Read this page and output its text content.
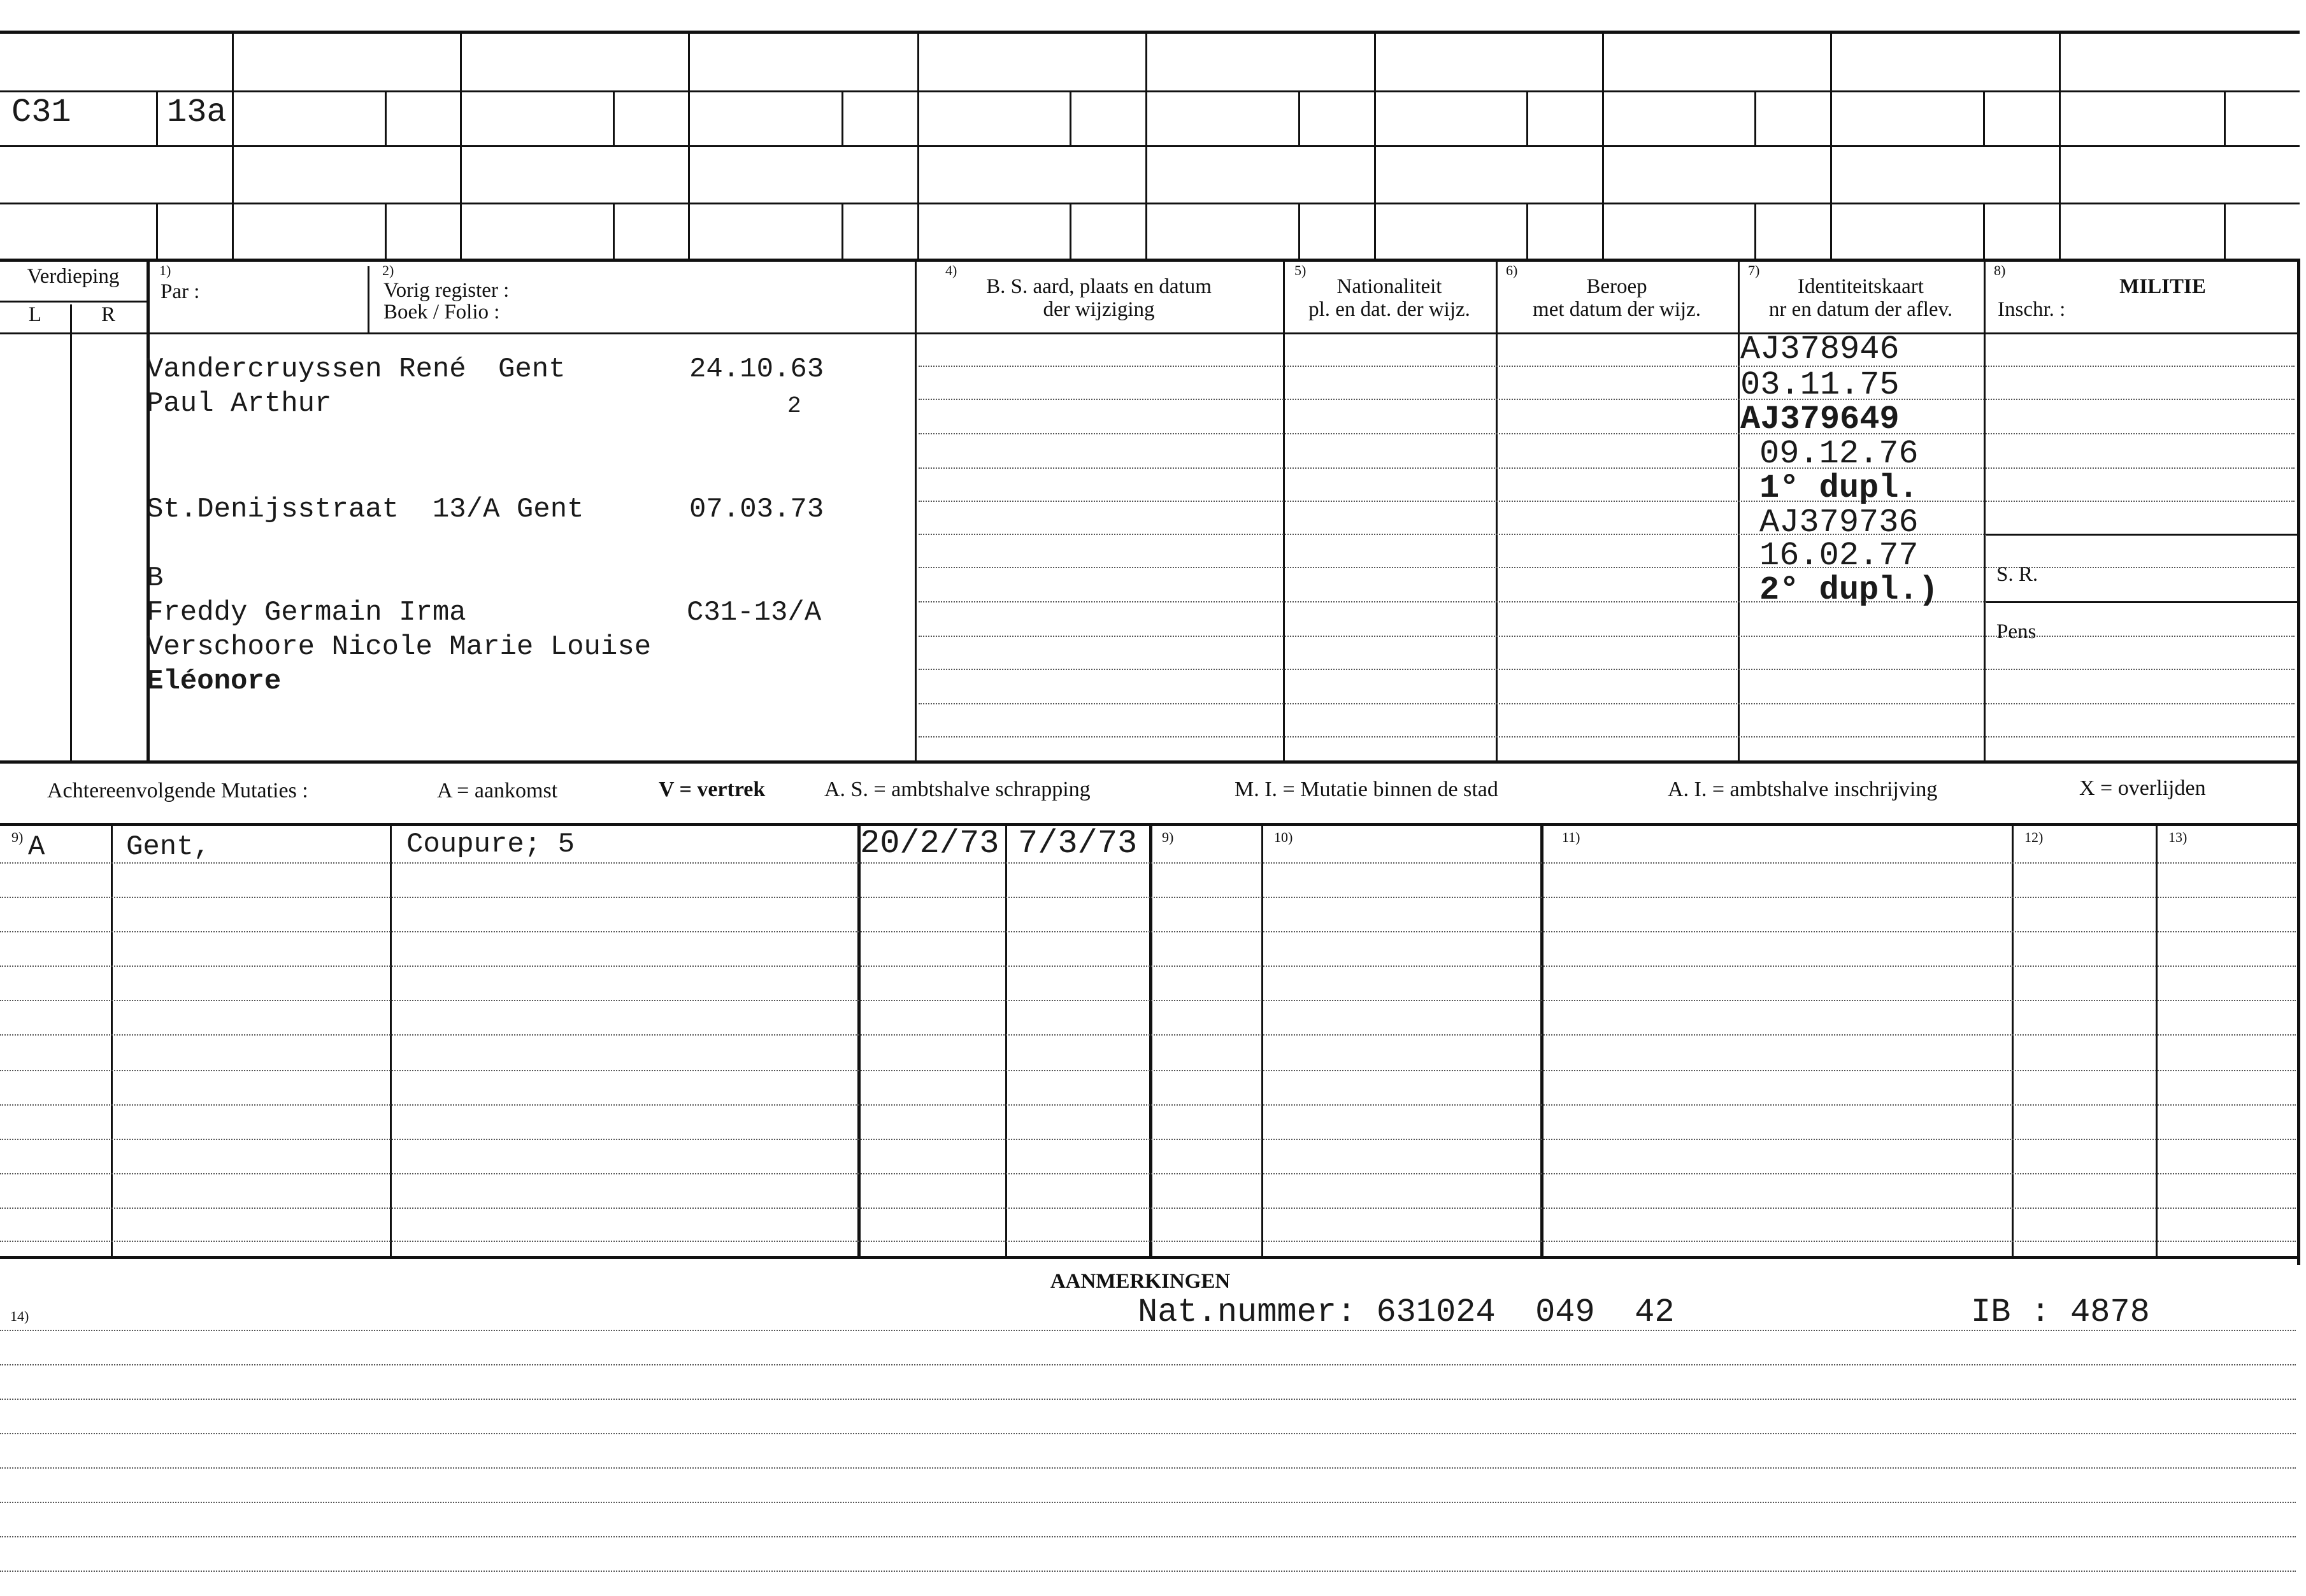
C31	13a
Verdieping
L	R
1)
Par :
2)
Vorig register :
Boek / Folio :
4)
B. S. aard, plaats en datum
der wijziging
5)
Nationaliteit
pl. en dat. der wijz.
6)
Beroep
met datum der wijz.
7)
Identiteitskaart
nr en datum der aflev.
8)
MILITIE
Inschr. :
S. R.
Pens
Vandercruyssen René Gent	24.10.63
Paul Arthur	2
St.Denijsstraat  13/A Gent	07.03.73
B
Freddy Germain Irma	C31-13/A
Verschoore Nicole Marie Louise
Eléonore
AJ378946
03.11.75
AJ379649
09.12.76
1° dupl.
AJ379736
16.02.77
2° dupl.)
Achtereenvolgende Mutaties :	A = aankomst	V = vertrek	A. S. = ambtshalve schrapping	M. I. = Mutatie binnen de stad	A. I. = ambtshalve inschrijving	X = overlijden
9)	9)	10)	11)	12)	13)
A	Gent,	Coupure; 5	20/2/73 7/3/73
AANMERKINGEN
14)	Nat.nummer: 631024  049  42	IB : 4878
